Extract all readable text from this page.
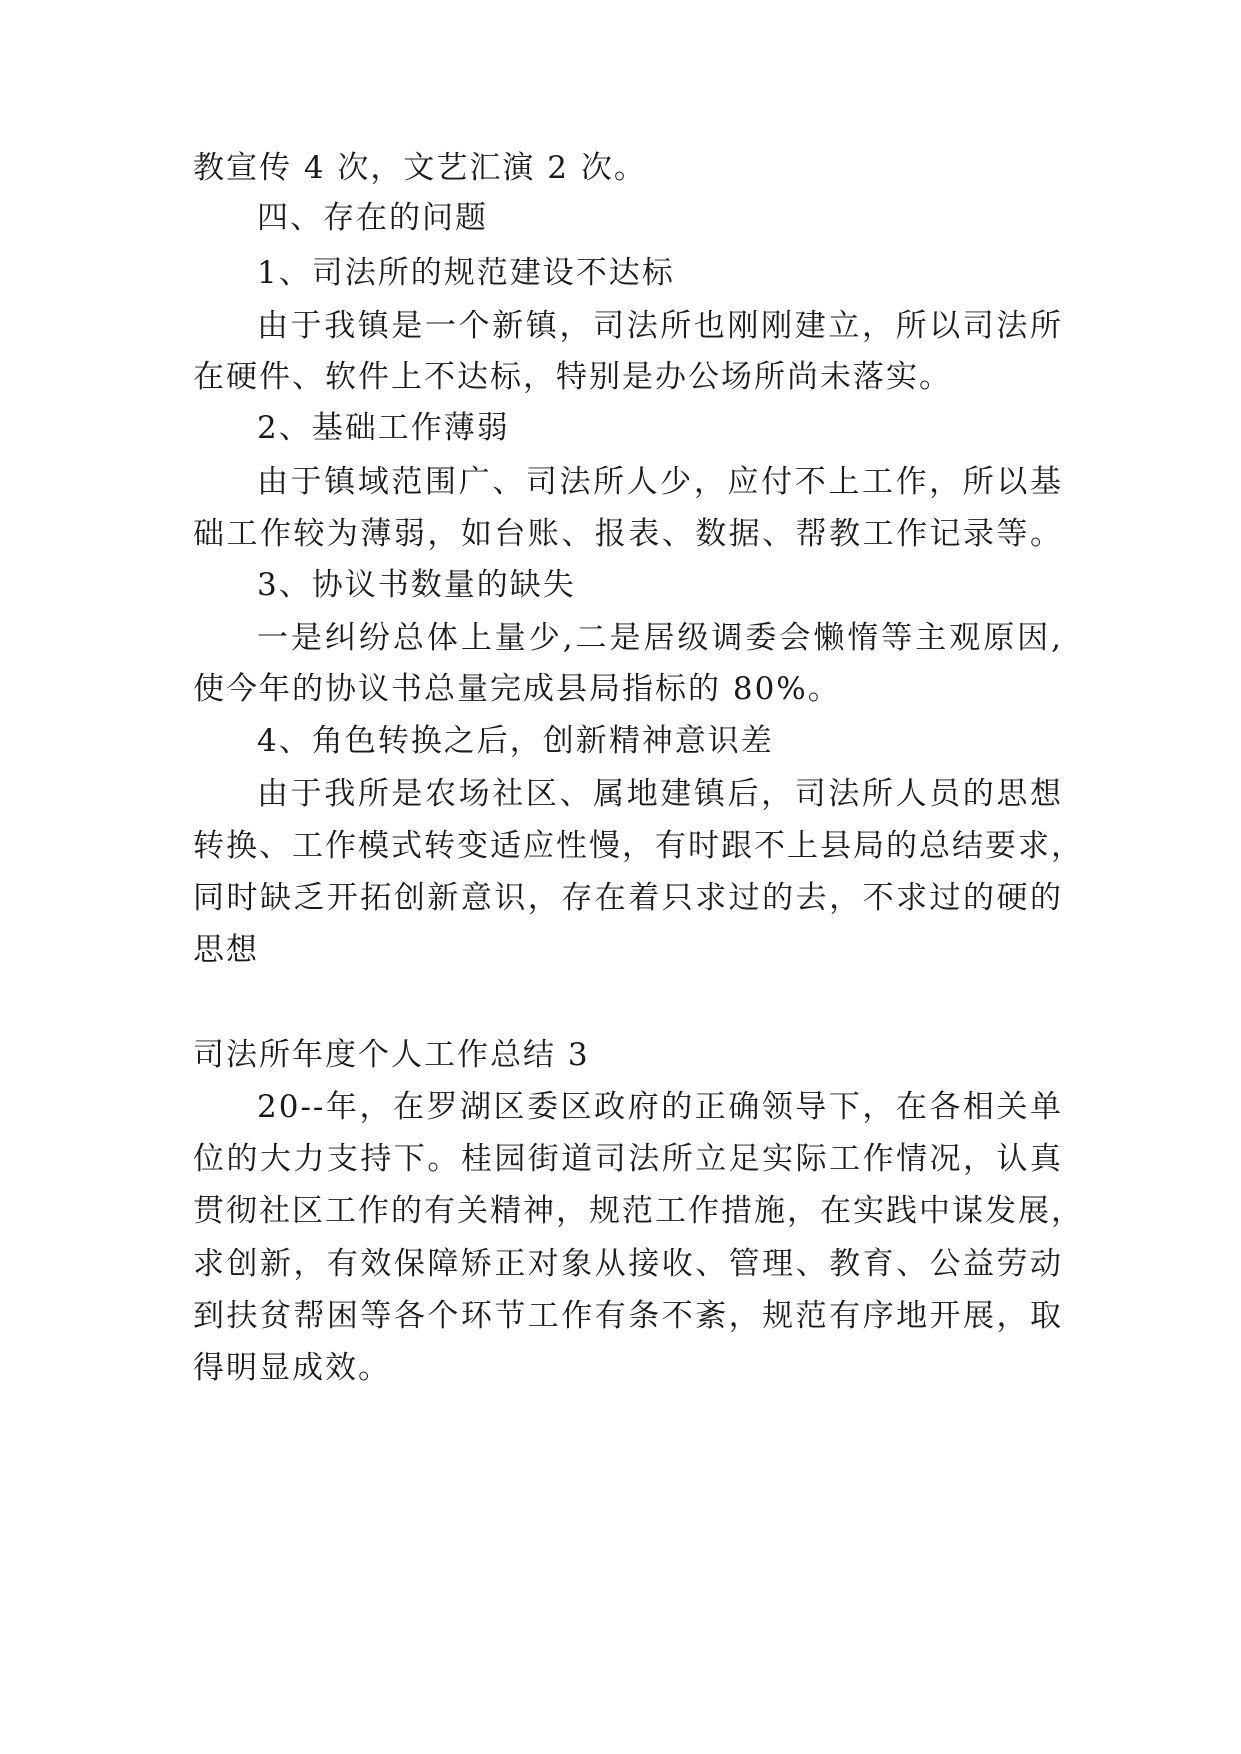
教宣传 4 次，文艺汇演 2 次。
四、存在的问题
1、司法所的规范建设不达标
由于我镇是一个新镇，司法所也刚刚建立，所以司法所
在硬件、软件上不达标，特别是办公场所尚未落实。
2、基础工作薄弱
由于镇域范围广、司法所人少，应付不上工作，所以基
础工作较为薄弱，如台账、报表、数据、帮教工作记录等。
3、协议书数量的缺失
一是纠纷总体上量少,二是居级调委会懒惰等主观原因,
使今年的协议书总量完成县局指标的 80%。
4、角色转换之后，创新精神意识差
由于我所是农场社区、属地建镇后，司法所人员的思想
转换、工作模式转变适应性慢，有时跟不上县局的总结要求，
同时缺乏开拓创新意识，存在着只求过的去，不求过的硬的
思想
司法所年度个人工作总结 3
20--年，在罗湖区委区政府的正确领导下，在各相关单
位的大力支持下。桂园街道司法所立足实际工作情况，认真
贯彻社区工作的有关精神，规范工作措施，在实践中谋发展，
求创新，有效保障矫正对象从接收、管理、教育、公益劳动
到扶贫帮困等各个环节工作有条不紊，规范有序地开展，取
得明显成效。
